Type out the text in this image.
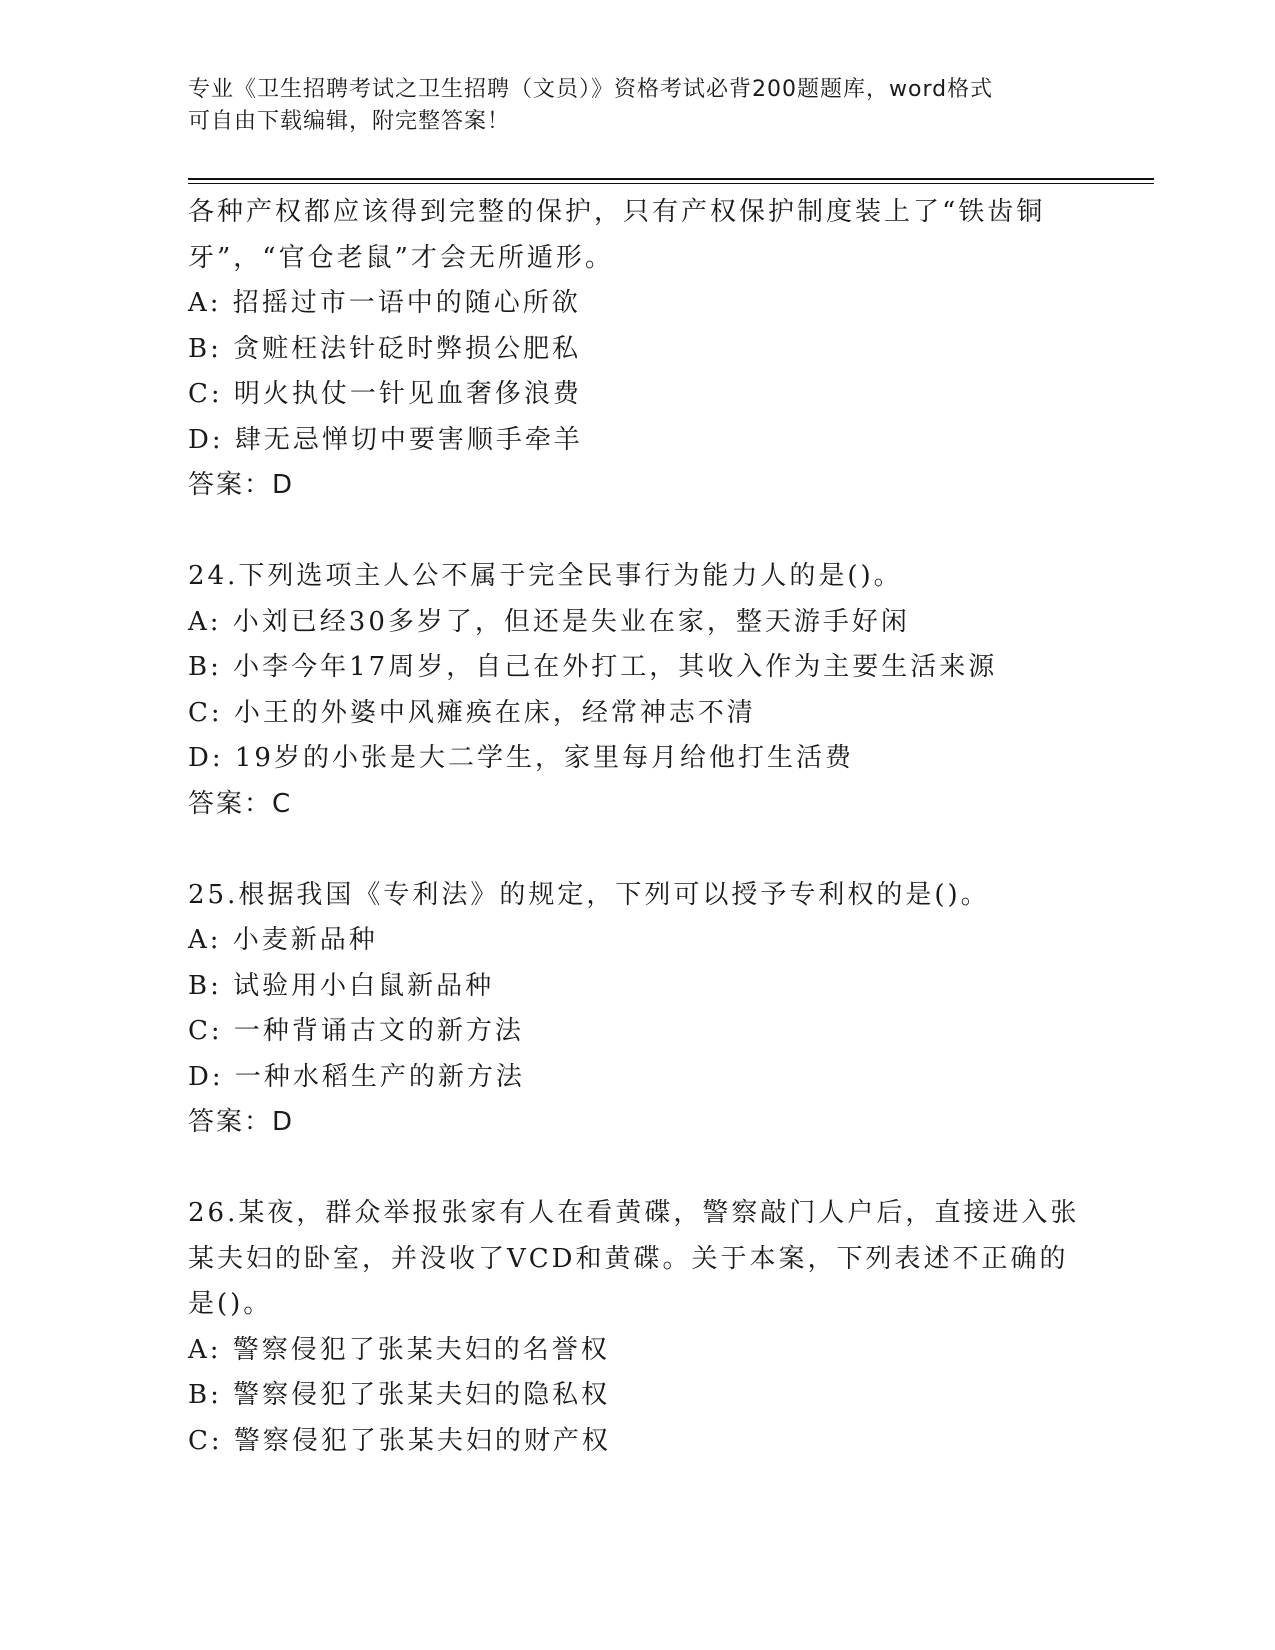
专业《卫生招聘考试之卫生招聘（文员）》资格考试必背200题题库，word格式
可自由下载编辑，附完整答案！
各种产权都应该得到完整的保护，只有产权保护制度装上了“铁齿铜
牙”，“官仓老鼠”才会无所遁形。
A: 招摇过市一语中的随心所欲
B: 贪赃枉法针砭时弊损公肥私
C: 明火执仗一针见血奢侈浪费
D: 肆无忌惮切中要害顺手牵羊
答案：D
24.下列选项主人公不属于完全民事行为能力人的是()。
A: 小刘已经30多岁了，但还是失业在家，整天游手好闲
B: 小李今年17周岁，自己在外打工，其收入作为主要生活来源
C: 小王的外婆中风瘫痪在床，经常神志不清
D: 19岁的小张是大二学生，家里每月给他打生活费
答案：C
25.根据我国《专利法》的规定，下列可以授予专利权的是()。
A: 小麦新品种
B: 试验用小白鼠新品种
C: 一种背诵古文的新方法
D: 一种水稻生产的新方法
答案：D
26.某夜，群众举报张家有人在看黄碟，警察敲门人户后，直接进入张
某夫妇的卧室，并没收了VCD和黄碟。关于本案，下列表述不正确的
是()。
A: 警察侵犯了张某夫妇的名誉权
B: 警察侵犯了张某夫妇的隐私权
C: 警察侵犯了张某夫妇的财产权
